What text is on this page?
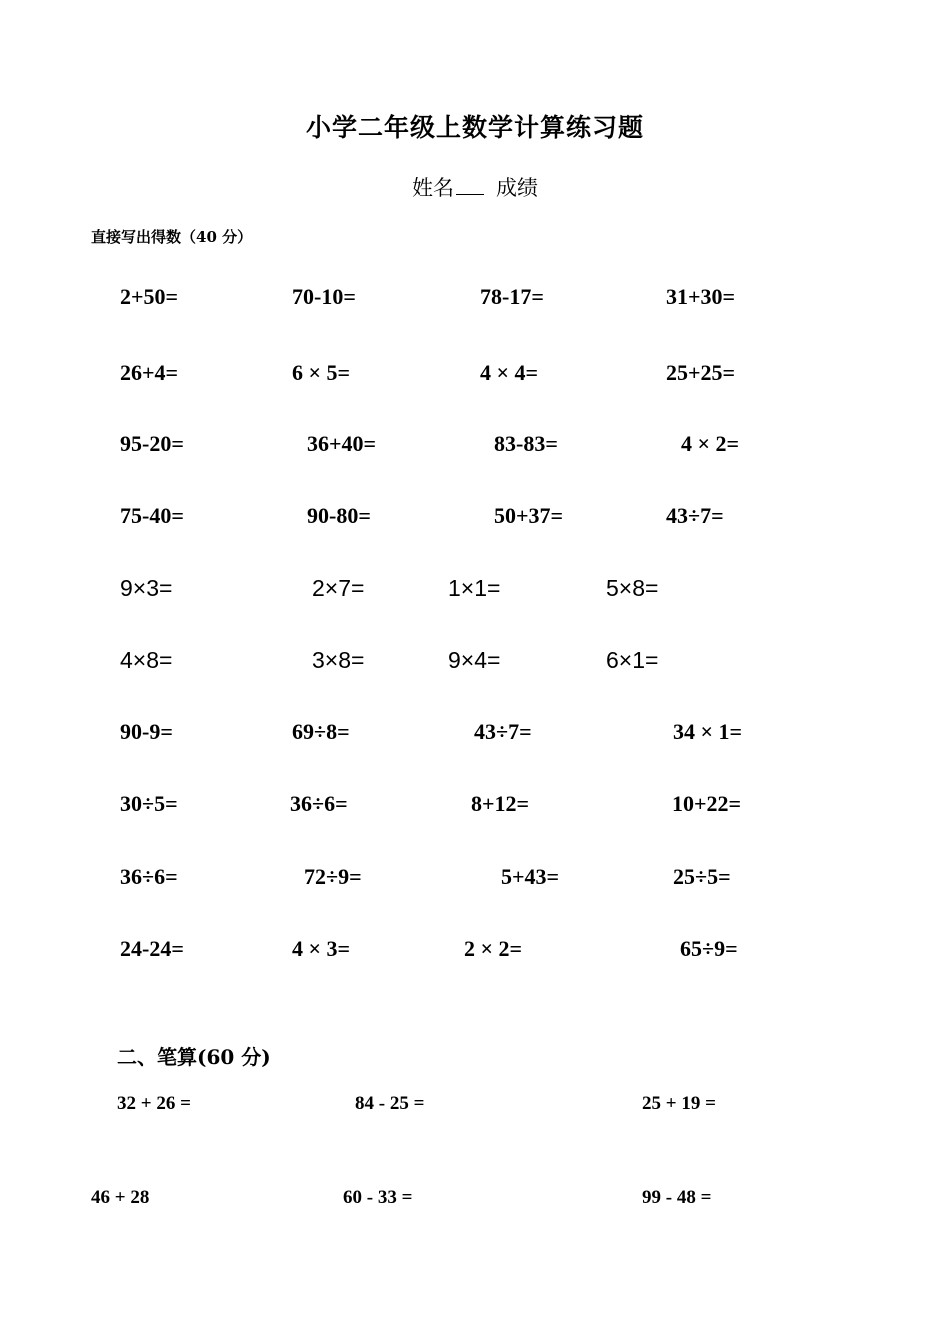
小学二年级上数学计算练习题
姓名 成绩
直接写出得数（40 分）
2+50=	70-10=	78-17=	31+30=
26+4=	6 × 5=	4 × 4=	25+25=
95-20=	36+40=	83-83=	4 × 2=
75-40=	90-80=	50+37=	43÷7=
9×3=	2×7=	1×1=	5×8=
4×8=	3×8=	9×4=	6×1=
90-9=	69÷8=	43÷7=	34 × 1=
30÷5=	36÷6=	8+12=	10+22=
36÷6=	72÷9=	5+43=	25÷5=
24-24=	4 × 3=	2 × 2=	65÷9=
二、笔算(60 分)
32 + 26 =	84 - 25 =	25 + 19 =
46 + 28	60 - 33 =	99 - 48 =
